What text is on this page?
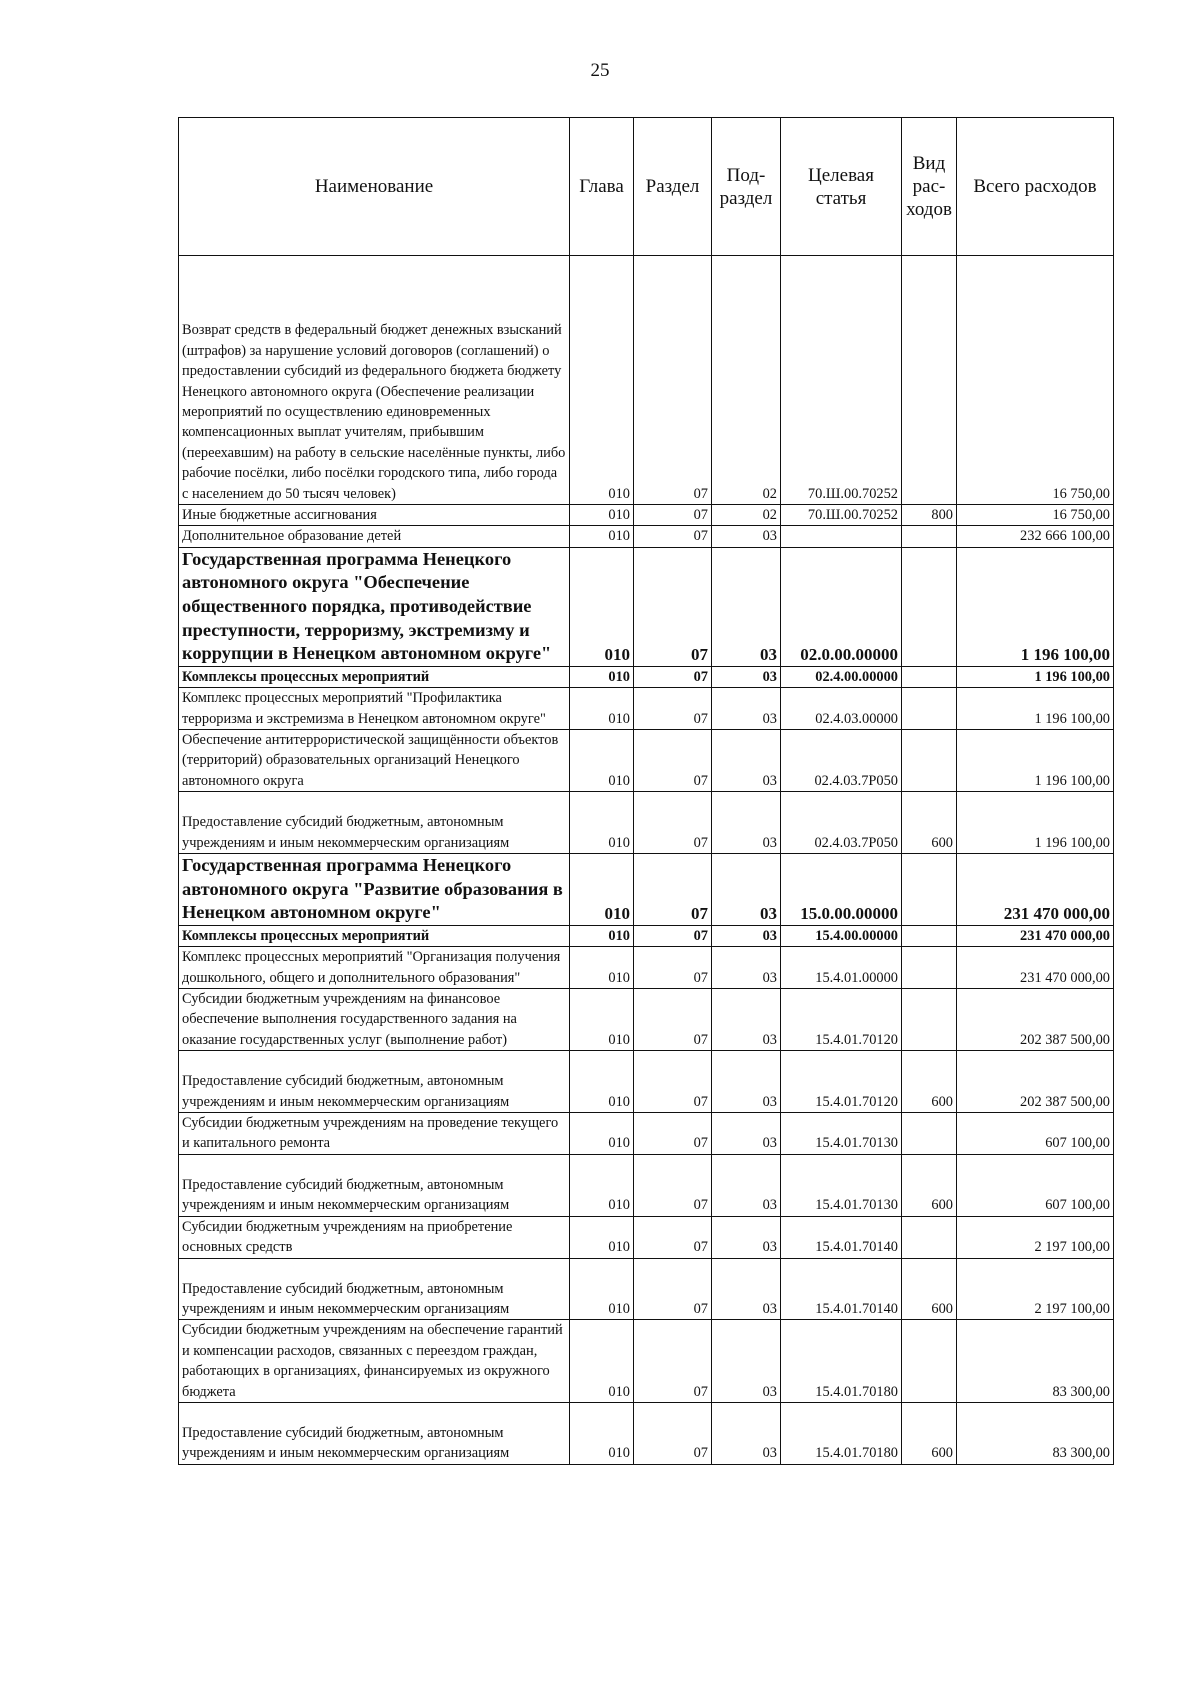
25
Наименование	Глава	Раздел	Под-раздел	Целевая статья	Вид рас-ходов	Всего расходов
Возврат средств в федеральный бюджет денежных взысканий (штрафов) за нарушение условий договоров (соглашений) о предоставлении субсидий из федерального бюджета бюджету Ненецкого автономного округа (Обеспечение реализации мероприятий по осуществлению единовременных компенсационных выплат учителям, прибывшим (переехавшим) на работу в сельские населённые пункты, либо рабочие посёлки, либо посёлки городского типа, либо города с населением до 50 тысяч человек)	010	07	02	70.Ш.00.70252		16 750,00
Иные бюджетные ассигнования	010	07	02	70.Ш.00.70252	800	16 750,00
Дополнительное образование детей	010	07	03			232 666 100,00
Государственная программа Ненецкого автономного округа "Обеспечение общественного порядка, противодействие преступности, терроризму, экстремизму и коррупции в Ненецком автономном округе"	010	07	03	02.0.00.00000		1 196 100,00
Комплексы процессных мероприятий	010	07	03	02.4.00.00000		1 196 100,00
Комплекс процессных мероприятий "Профилактика терроризма и экстремизма в Ненецком автономном округе"	010	07	03	02.4.03.00000		1 196 100,00
Обеспечение антитеррористической защищённости объектов (территорий) образовательных организаций Ненецкого автономного округа	010	07	03	02.4.03.7Р050		1 196 100,00
Предоставление субсидий бюджетным, автономным учреждениям и иным некоммерческим организациям	010	07	03	02.4.03.7Р050	600	1 196 100,00
Государственная программа Ненецкого автономного округа "Развитие образования в Ненецком автономном округе"	010	07	03	15.0.00.00000		231 470 000,00
Комплексы процессных мероприятий	010	07	03	15.4.00.00000		231 470 000,00
Комплекс процессных мероприятий "Организация получения дошкольного, общего и дополнительного образования"	010	07	03	15.4.01.00000		231 470 000,00
Субсидии бюджетным учреждениям на финансовое обеспечение выполнения государственного задания на оказание государственных услуг (выполнение работ)	010	07	03	15.4.01.70120		202 387 500,00
Предоставление субсидий бюджетным, автономным учреждениям и иным некоммерческим организациям	010	07	03	15.4.01.70120	600	202 387 500,00
Субсидии бюджетным учреждениям на проведение текущего и капитального ремонта	010	07	03	15.4.01.70130		607 100,00
Предоставление субсидий бюджетным, автономным учреждениям и иным некоммерческим организациям	010	07	03	15.4.01.70130	600	607 100,00
Субсидии бюджетным учреждениям на приобретение основных средств	010	07	03	15.4.01.70140		2 197 100,00
Предоставление субсидий бюджетным, автономным учреждениям и иным некоммерческим организациям	010	07	03	15.4.01.70140	600	2 197 100,00
Субсидии бюджетным учреждениям на обеспечение гарантий и компенсации расходов, связанных с переездом граждан, работающих в организациях, финансируемых из окружного бюджета	010	07	03	15.4.01.70180		83 300,00
Предоставление субсидий бюджетным, автономным учреждениям и иным некоммерческим организациям	010	07	03	15.4.01.70180	600	83 300,00
